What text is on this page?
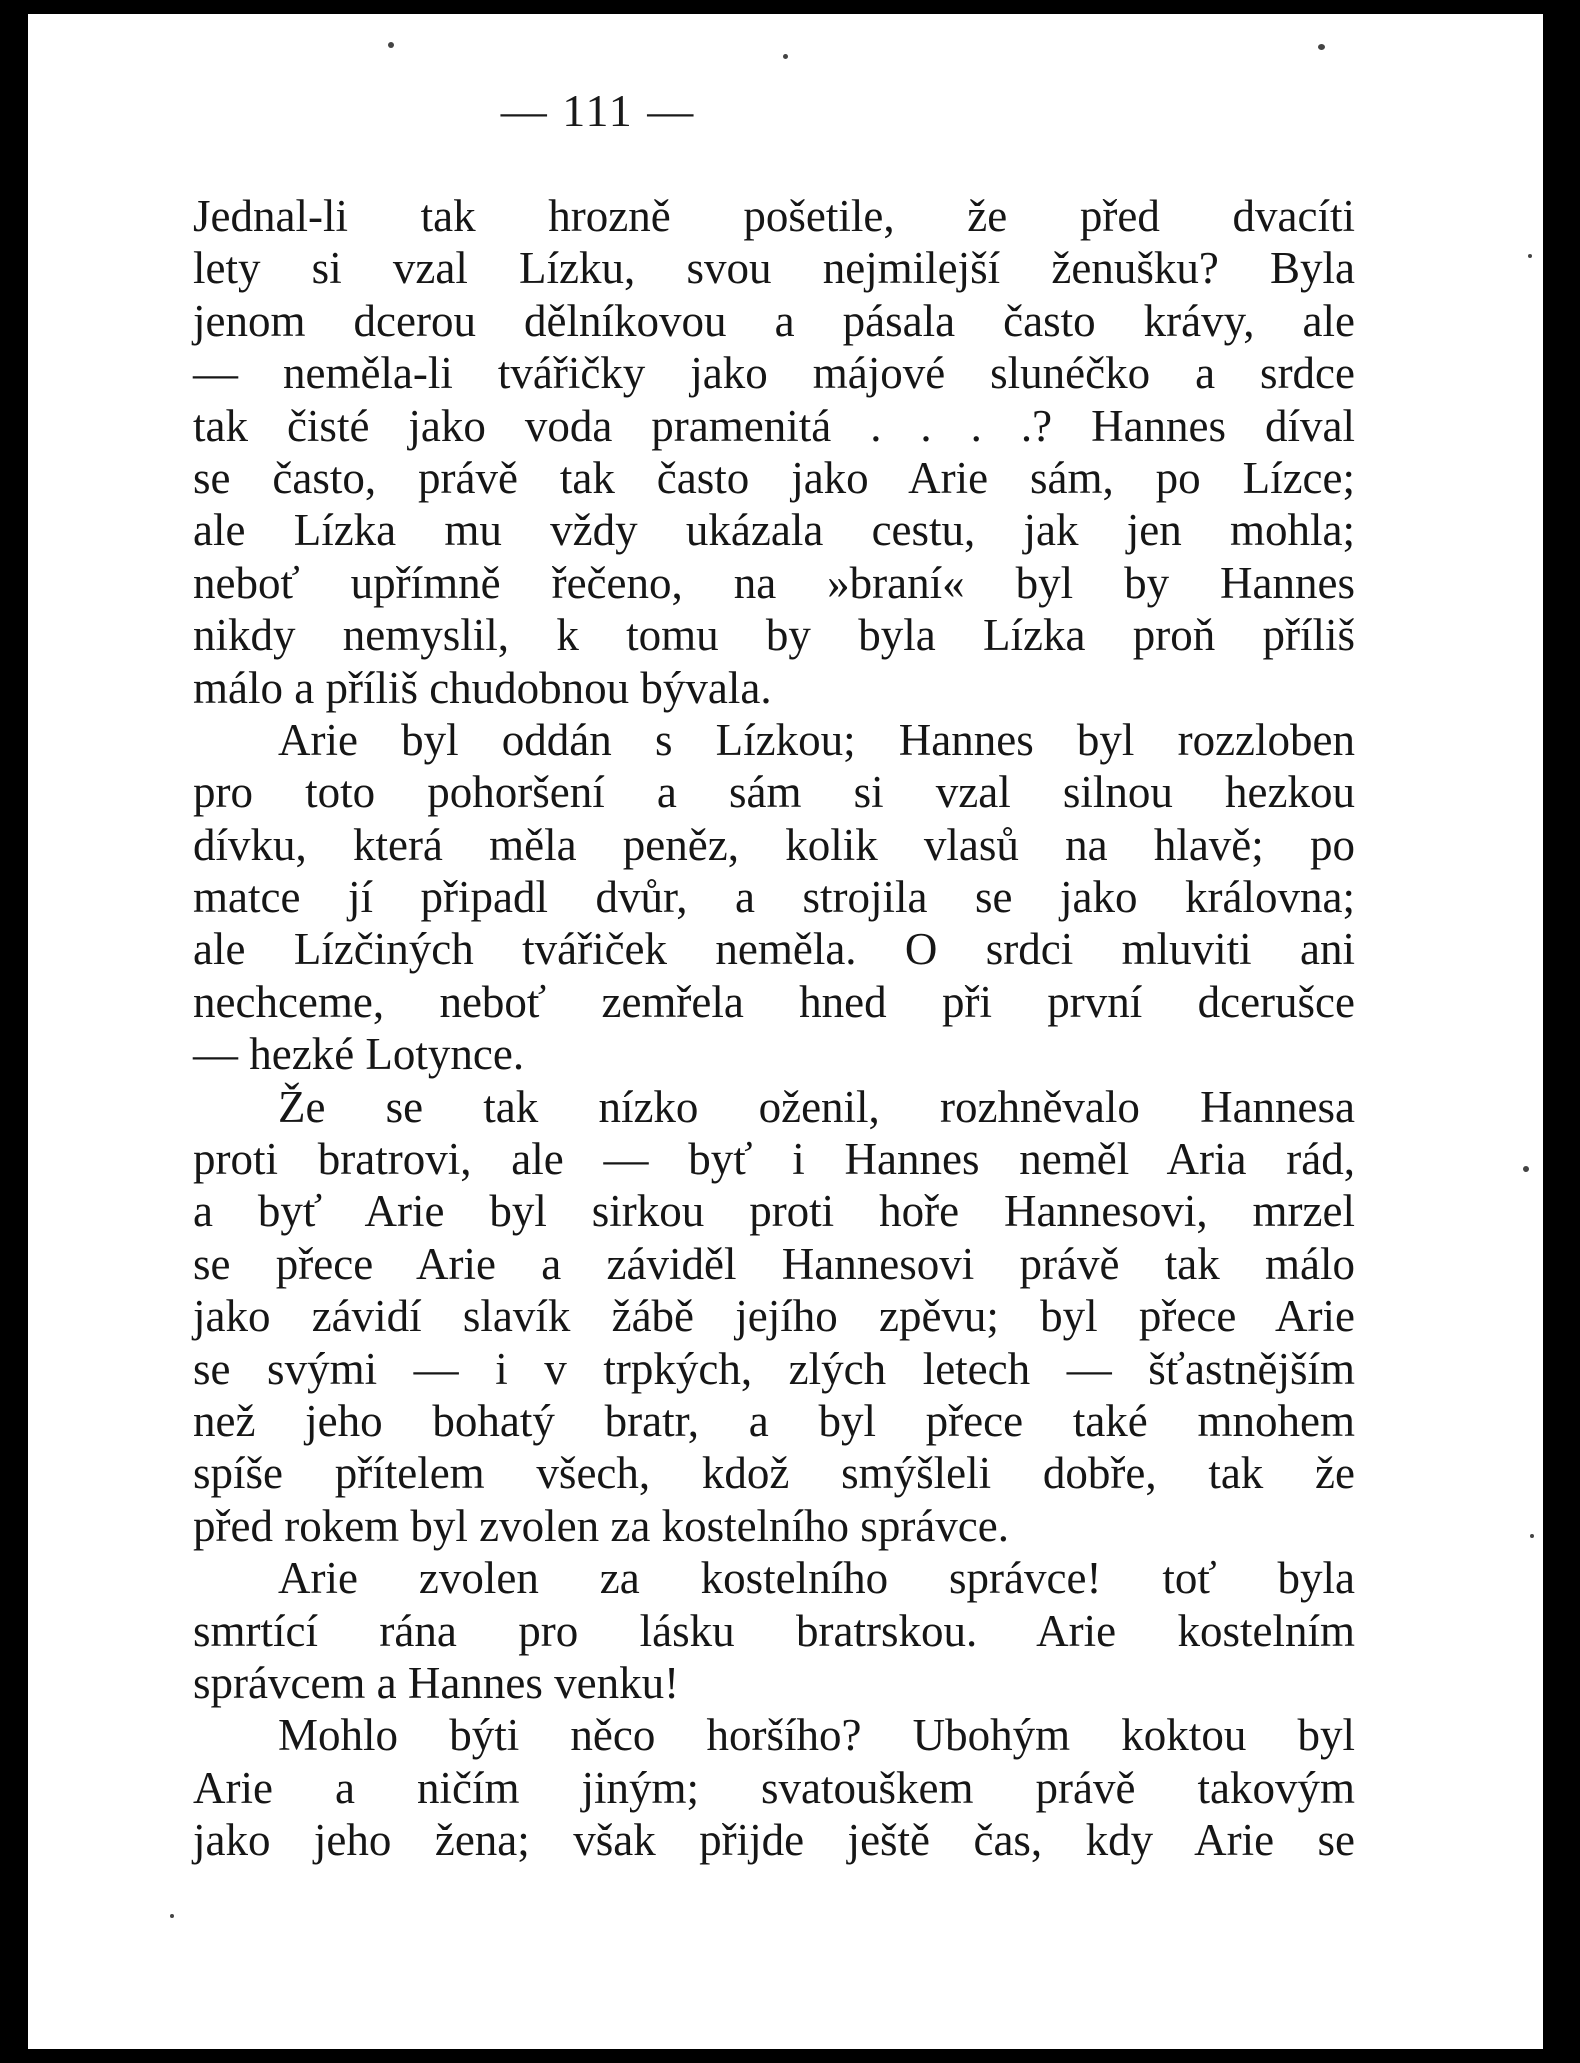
— 111 —
Jednal-li tak hrozně pošetile, že před dvacíti
lety si vzal Lízku, svou nejmilejší ženušku? Byla
jenom dcerou dělníkovou a pásala často krávy, ale
— neměla-li tvářičky jako májové slunéčko a srdce
tak čisté jako voda pramenitá . . . .? Hannes díval
se často, právě tak často jako Arie sám, po Lízce;
ale Lízka mu vždy ukázala cestu, jak jen mohla;
neboť upřímně řečeno, na »braní« byl by Hannes
nikdy nemyslil, k tomu by byla Lízka proň příliš
málo a příliš chudobnou bývala.
Arie byl oddán s Lízkou; Hannes byl rozzloben
pro toto pohoršení a sám si vzal silnou hezkou
dívku, která měla peněz, kolik vlasů na hlavě; po
matce jí připadl dvůr, a strojila se jako královna;
ale Lízčiných tvářiček neměla. O srdci mluviti ani
nechceme, neboť zemřela hned při první dcerušce
— hezké Lotynce.
Že se tak nízko oženil, rozhněvalo Hannesa
proti bratrovi, ale — byť i Hannes neměl Aria rád,
a byť Arie byl sirkou proti hoře Hannesovi, mrzel
se přece Arie a záviděl Hannesovi právě tak málo
jako závidí slavík žábě jejího zpěvu; byl přece Arie
se svými — i v trpkých, zlých letech — šťastnějším
než jeho bohatý bratr, a byl přece také mnohem
spíše přítelem všech, kdož smýšleli dobře, tak že
před rokem byl zvolen za kostelního správce.
Arie zvolen za kostelního správce! toť byla
smrtící rána pro lásku bratrskou. Arie kostelním
správcem a Hannes venku!
Mohlo býti něco horšího? Ubohým koktou byl
Arie a ničím jiným; svatouškem právě takovým
jako jeho žena; však přijde ještě čas, kdy Arie se
